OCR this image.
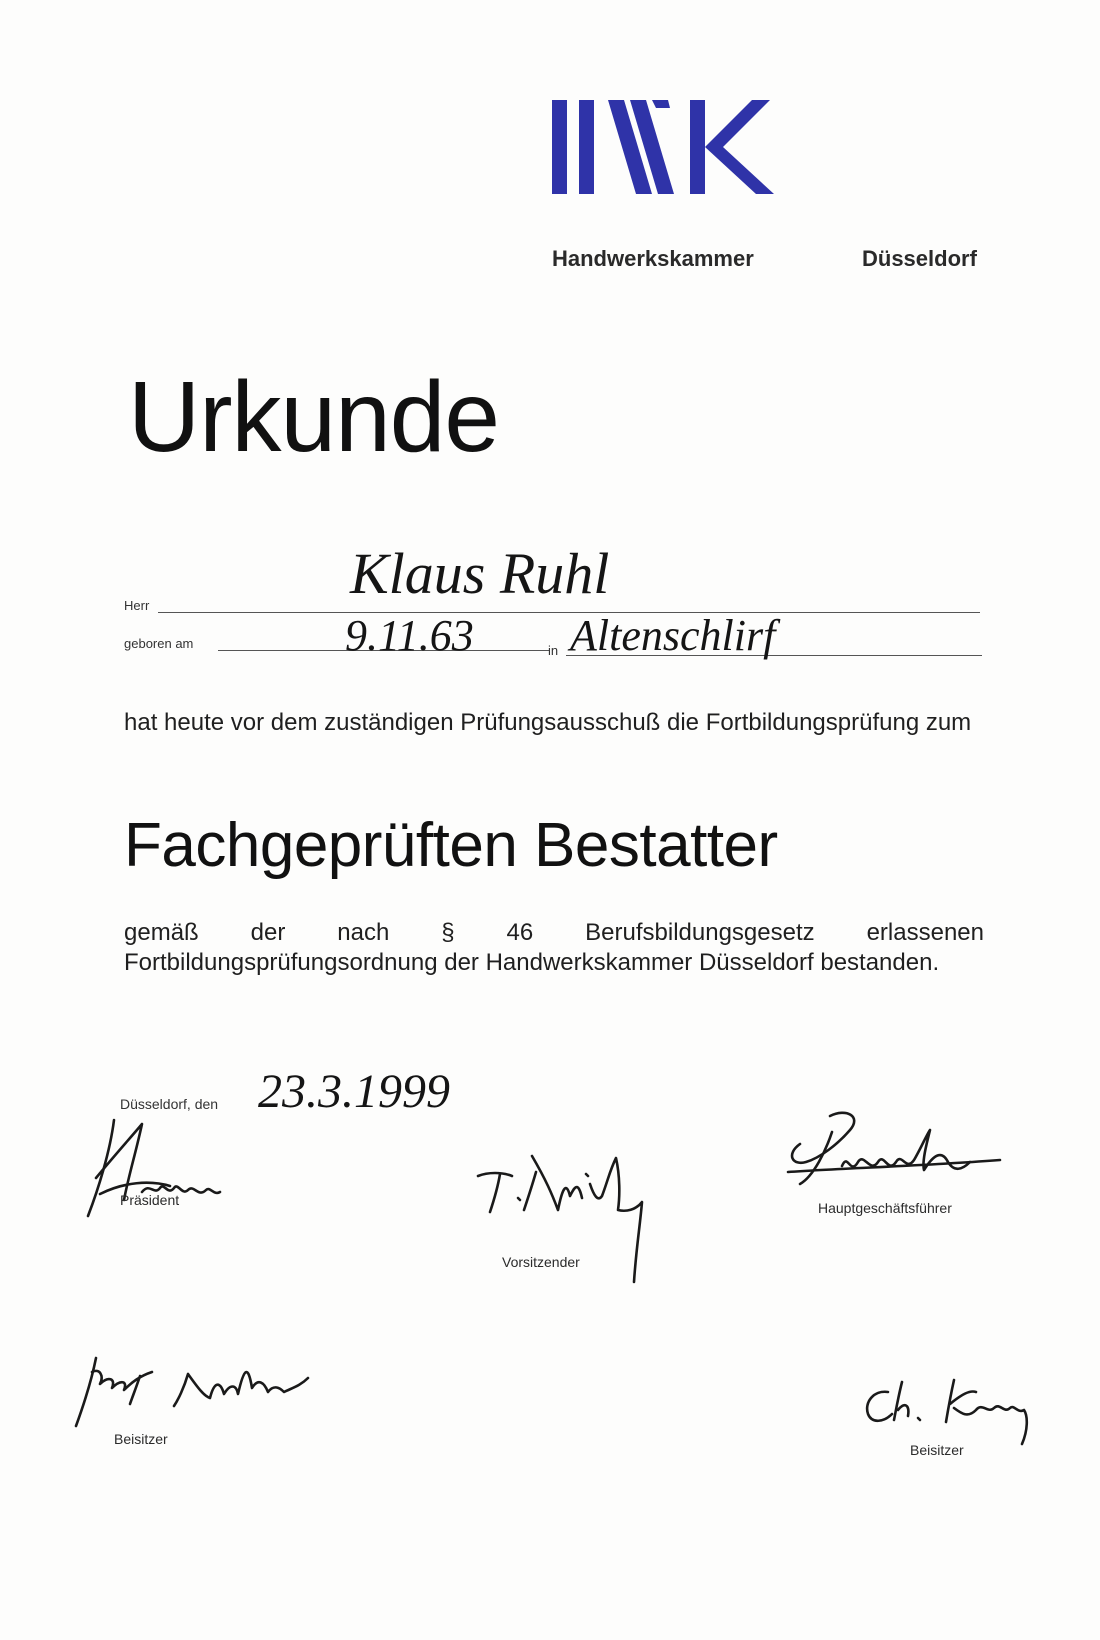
Handwerkskammer	Düsseldorf
Urkunde
Herr	Klaus Ruhl
geboren am	9.11.63	in Altenschlirf
hat heute vor dem zuständigen Prüfungsausschuß die Fortbildungsprüfung zum
Fachgeprüften Bestatter
gemäß der nach § 46 Berufsbildungsgesetz erlassenen Fortbildungsprüfungsordnung der Handwerkskammer Düsseldorf bestanden.
Düsseldorf, den 23.3.1999
Präsident
Vorsitzender
Hauptgeschäftsführer
Beisitzer
Beisitzer
